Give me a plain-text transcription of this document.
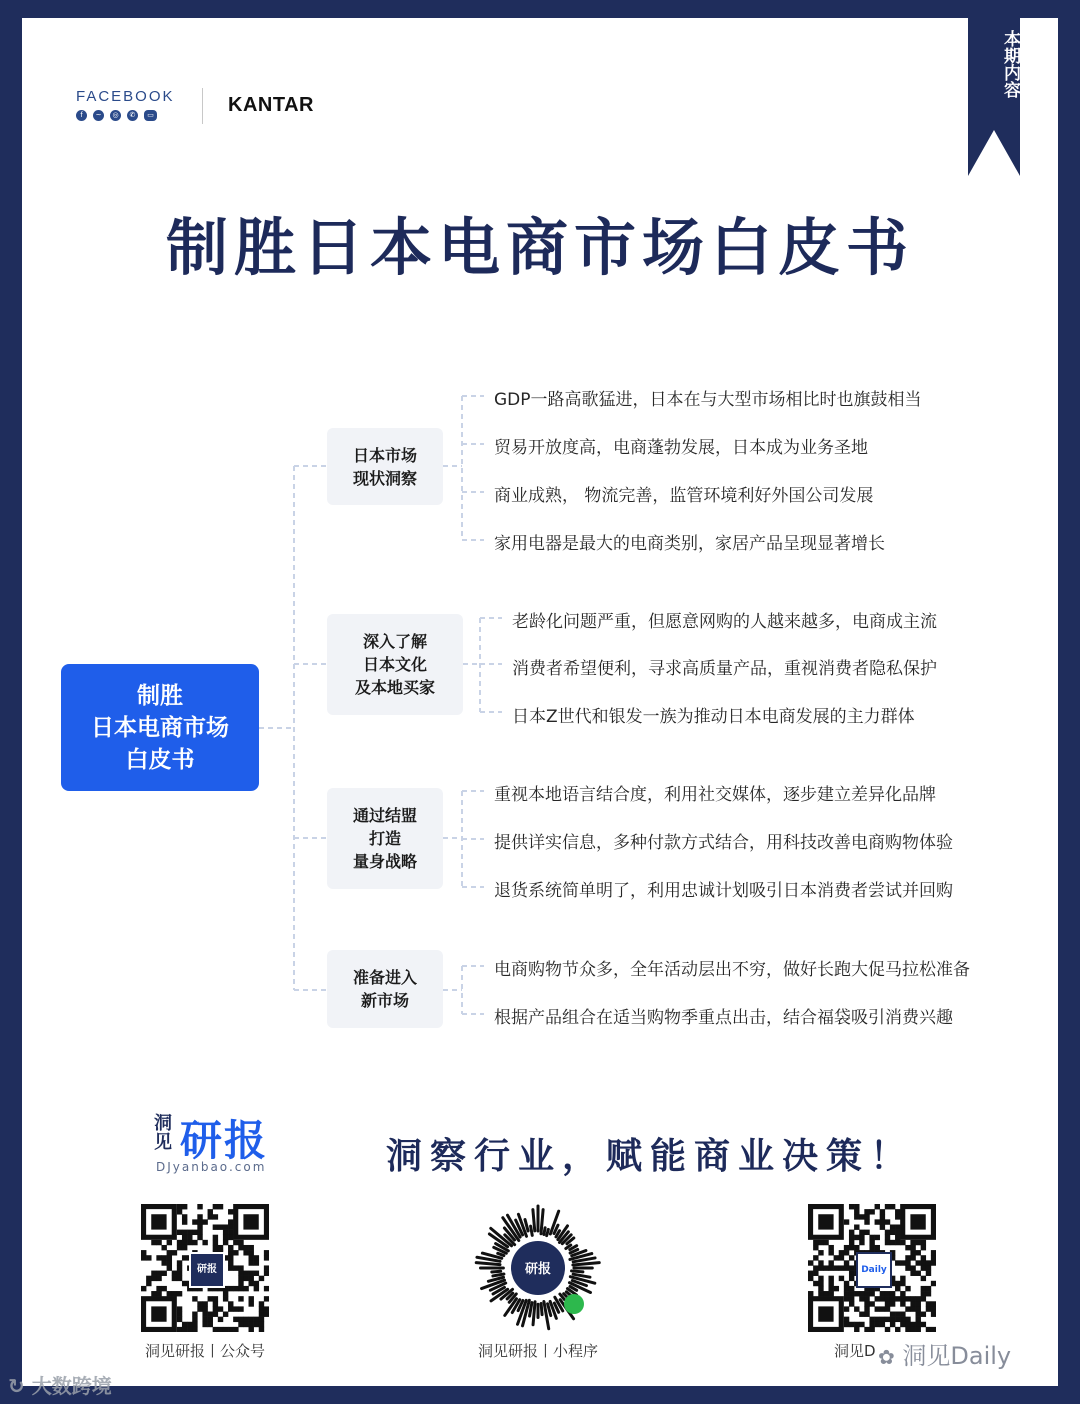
FACEBOOK
f	~	◎	✆	▭	KANTAR
本期内容
制胜日本电商市场白皮书
制胜
日本电商市场
白皮书
日本市场
现状洞察
GDP一路高歌猛进，日本在与大型市场相比时也旗鼓相当
贸易开放度高，电商蓬勃发展，日本成为业务圣地
商业成熟， 物流完善，监管环境利好外国公司发展
家用电器是最大的电商类别，家居产品呈现显著增长
深入了解
日本文化
及本地买家
老龄化问题严重，但愿意网购的人越来越多，电商成主流
消费者希望便利，寻求高质量产品，重视消费者隐私保护
日本Z世代和银发一族为推动日本电商发展的主力群体
通过结盟
打造
量身战略
重视本地语言结合度，利用社交媒体，逐步建立差异化品牌
提供详实信息，多种付款方式结合，用科技改善电商购物体验
退货系统简单明了，利用忠诚计划吸引日本消费者尝试并回购
准备进入
新市场
电商购物节众多，全年活动层出不穷，做好长跑大促马拉松准备
根据产品组合在适当购物季重点出击，结合福袋吸引消费兴趣
洞见 研报
DJyanbao.com	洞察行业，赋能商业决策！
研报
洞见研报丨公众号
研报
洞见研报丨小程序
Daily
洞见D ✿ 洞见Daily
↻ 大数跨境
